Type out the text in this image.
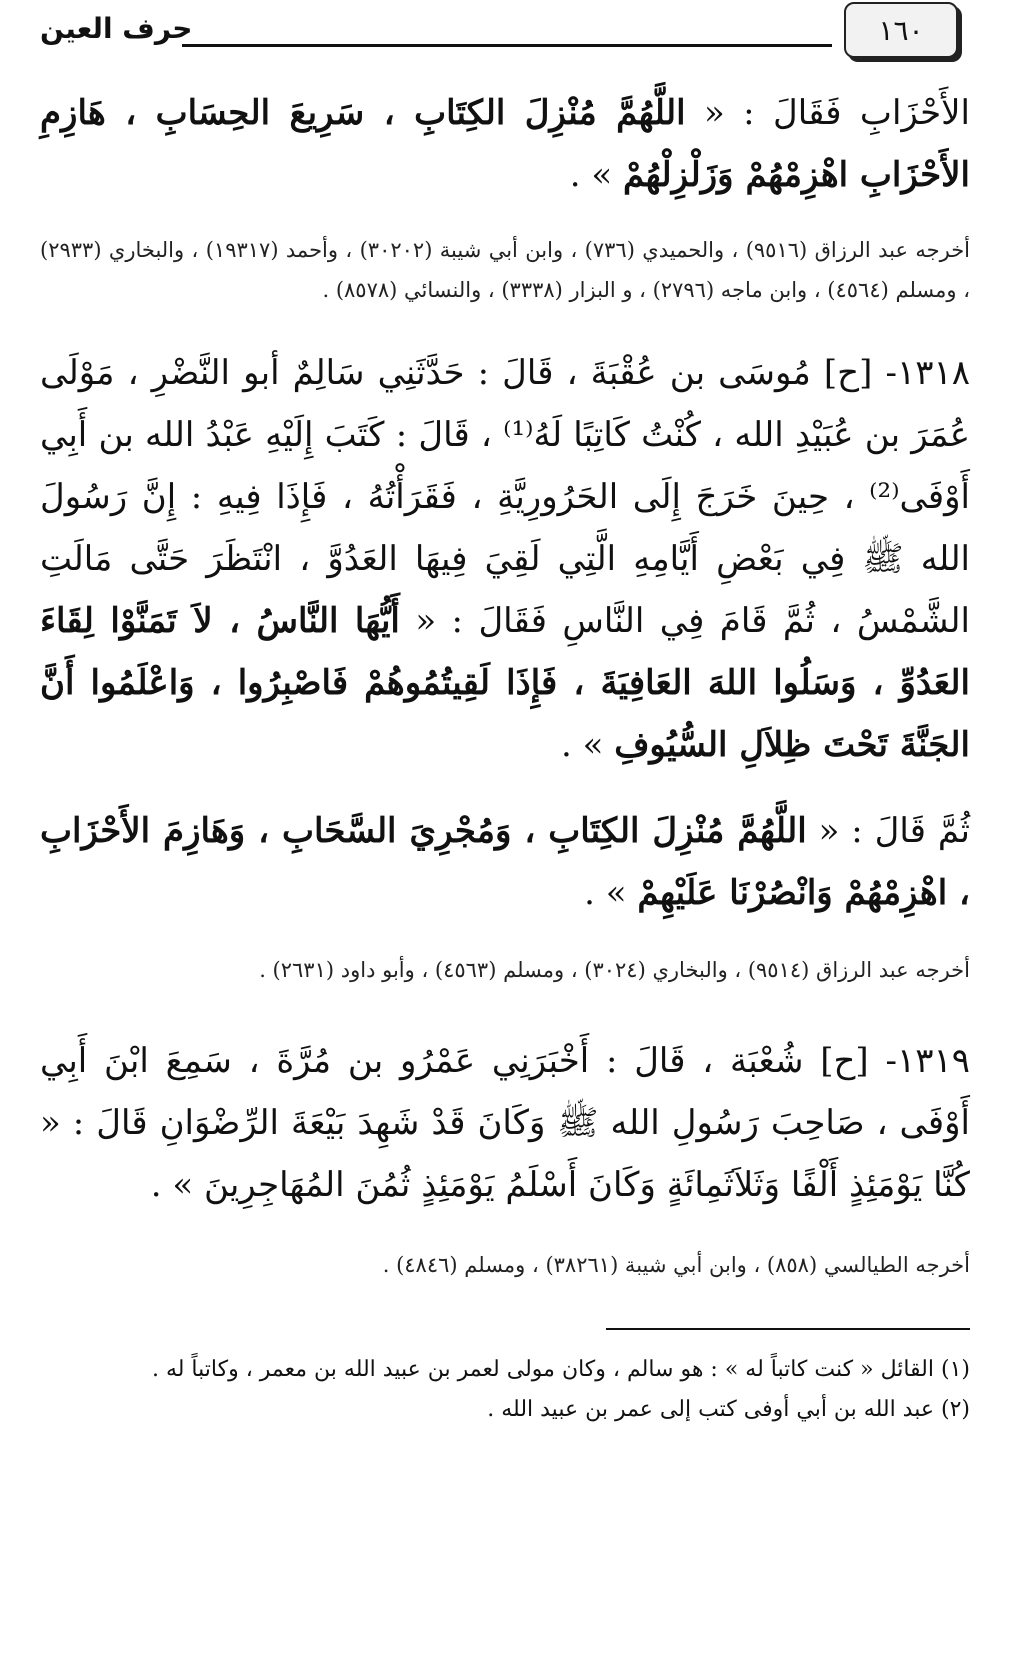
١٦٠
حرف العين
الأَحْزَابِ فَقَالَ : « اللَّهُمَّ مُنْزِلَ الكِتَابِ ، سَرِيعَ الحِسَابِ ، هَازِمِ الأَحْزَابِ اهْزِمْهُمْ وَزَلْزِلْهُمْ » .
أخرجه عبد الرزاق (٩٥١٦) ، والحميدي (٧٣٦) ، وابن أبي شيبة (٣٠٢٠٢) ، وأحمد (١٩٣١٧) ، والبخاري (٢٩٣٣) ، ومسلم (٤٥٦٤) ، وابن ماجه (٢٧٩٦) ، و البزار (٣٣٣٨) ، والنسائي (٨٥٧٨) .
١٣١٨- [ح] مُوسَى بن عُقْبَةَ ، قَالَ : حَدَّثَنِي سَالِمٌ أبو النَّضْرِ ، مَوْلَى عُمَرَ بن عُبَيْدِ الله ، كُنْتُ كَاتِبًا لَهُ⁽¹⁾ ، قَالَ : كَتَبَ إِلَيْهِ عَبْدُ الله بن أَبِي أَوْفَى⁽²⁾ ، حِينَ خَرَجَ إِلَى الحَرُورِيَّةِ ، فَقَرَأْتُهُ ، فَإِذَا فِيهِ : إِنَّ رَسُولَ الله ﷺ فِي بَعْضِ أَيَّامِهِ الَّتِي لَقِيَ فِيهَا العَدُوَّ ، انْتَظَرَ حَتَّى مَالَتِ الشَّمْسُ ، ثُمَّ قَامَ فِي النَّاسِ فَقَالَ : « أَيُّهَا النَّاسُ ، لاَ تَمَنَّوْا لِقَاءَ العَدُوِّ ، وَسَلُوا اللهَ العَافِيَةَ ، فَإِذَا لَقِيتُمُوهُمْ فَاصْبِرُوا ، وَاعْلَمُوا أَنَّ الجَنَّةَ تَحْتَ ظِلاَلِ السُّيُوفِ » .
ثُمَّ قَالَ : « اللَّهُمَّ مُنْزِلَ الكِتَابِ ، وَمُجْرِيَ السَّحَابِ ، وَهَازِمَ الأَحْزَابِ ، اهْزِمْهُمْ وَانْصُرْنَا عَلَيْهِمْ » .
أخرجه عبد الرزاق (٩٥١٤) ، والبخاري (٣٠٢٤) ، ومسلم (٤٥٦٣) ، وأبو داود (٢٦٣١) .
١٣١٩- [ح] شُعْبَة ، قَالَ : أَخْبَرَنِي عَمْرُو بن مُرَّةَ ، سَمِعَ ابْنَ أَبِي أَوْفَى ، صَاحِبَ رَسُولِ الله ﷺ وَكَانَ قَدْ شَهِدَ بَيْعَةَ الرِّضْوَانِ قَالَ : « كُنَّا يَوْمَئِذٍ أَلْفًا وَثَلاَثَمِائَةٍ وَكَانَ أَسْلَمُ يَوْمَئِذٍ ثُمُنَ المُهَاجِرِينَ » .
أخرجه الطيالسي (٨٥٨) ، وابن أبي شيبة (٣٨٢٦١) ، ومسلم (٤٨٤٦) .
(١) القائل « كنت كاتباً له » : هو سالم ، وكان مولى لعمر بن عبيد الله بن معمر ، وكاتباً له .
(٢) عبد الله بن أبي أوفى كتب إلى عمر بن عبيد الله .
